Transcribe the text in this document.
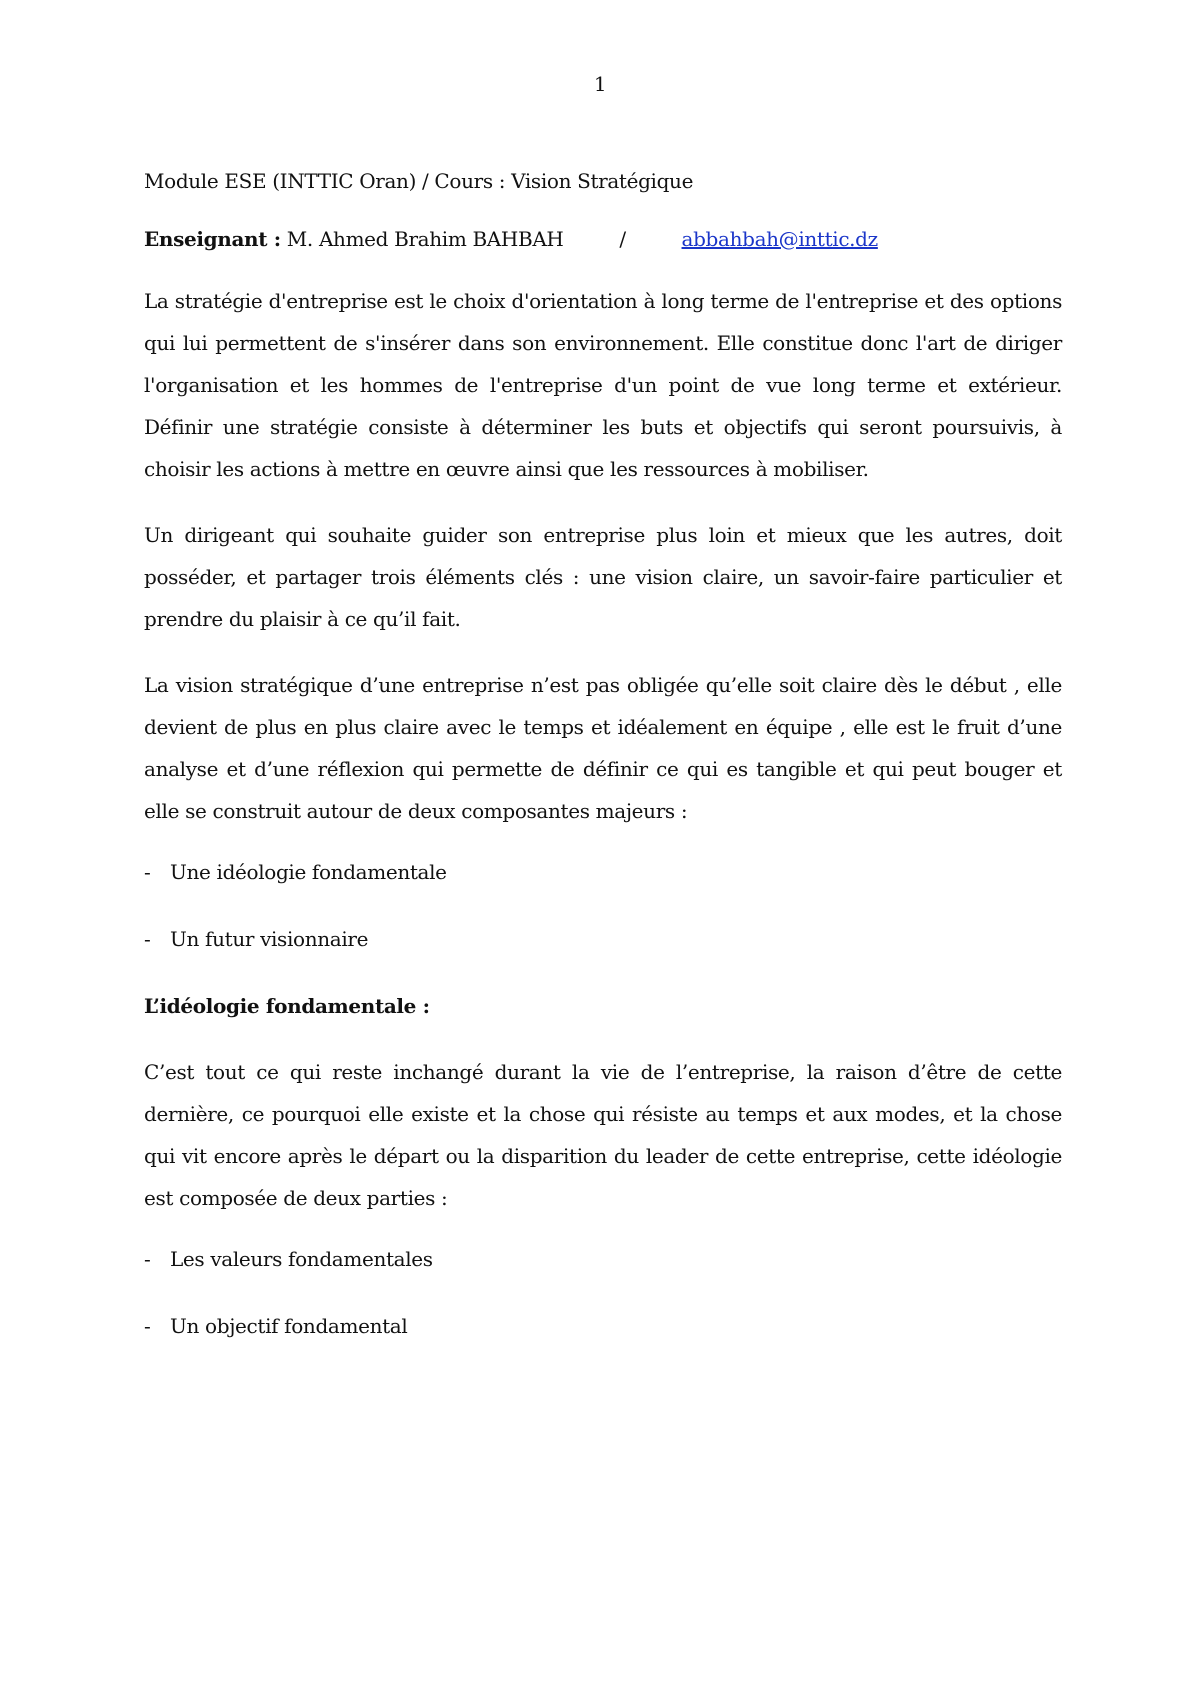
1

Module ESE (INTTIC Oran) / Cours : Vision Stratégique

Enseignant : M. Ahmed Brahim BAHBAH	/	abbahbah@inttic.dz

La stratégie d'entreprise est le choix d'orientation à long terme de l'entreprise et des options qui lui permettent de s'insérer dans son environnement. Elle constitue donc l'art de diriger l'organisation et les hommes de l'entreprise d'un point de vue long terme et extérieur. Définir une stratégie consiste à déterminer les buts et objectifs qui seront poursuivis, à choisir les actions à mettre en œuvre ainsi que les ressources à mobiliser.

Un dirigeant qui souhaite guider son entreprise plus loin et mieux que les autres, doit posséder, et partager trois éléments clés : une vision claire, un savoir-faire particulier et prendre du plaisir à ce qu’il fait.

La vision stratégique d’une entreprise n’est pas obligée qu’elle soit claire dès le début , elle devient de plus en plus claire avec le temps et idéalement en équipe , elle est le fruit d’une analyse et d’une réflexion qui permette de définir ce qui es tangible et qui peut bouger et elle se construit autour de deux composantes majeurs :

- Une idéologie fondamentale

- Un futur visionnaire

L’idéologie fondamentale :

C’est tout ce qui reste inchangé durant la vie de l’entreprise, la raison d’être de cette dernière, ce pourquoi elle existe et la chose qui résiste au temps et aux modes, et la chose qui vit encore après le départ ou la disparition du leader de cette entreprise, cette idéologie est composée de deux parties :

- Les valeurs fondamentales

- Un objectif fondamental
